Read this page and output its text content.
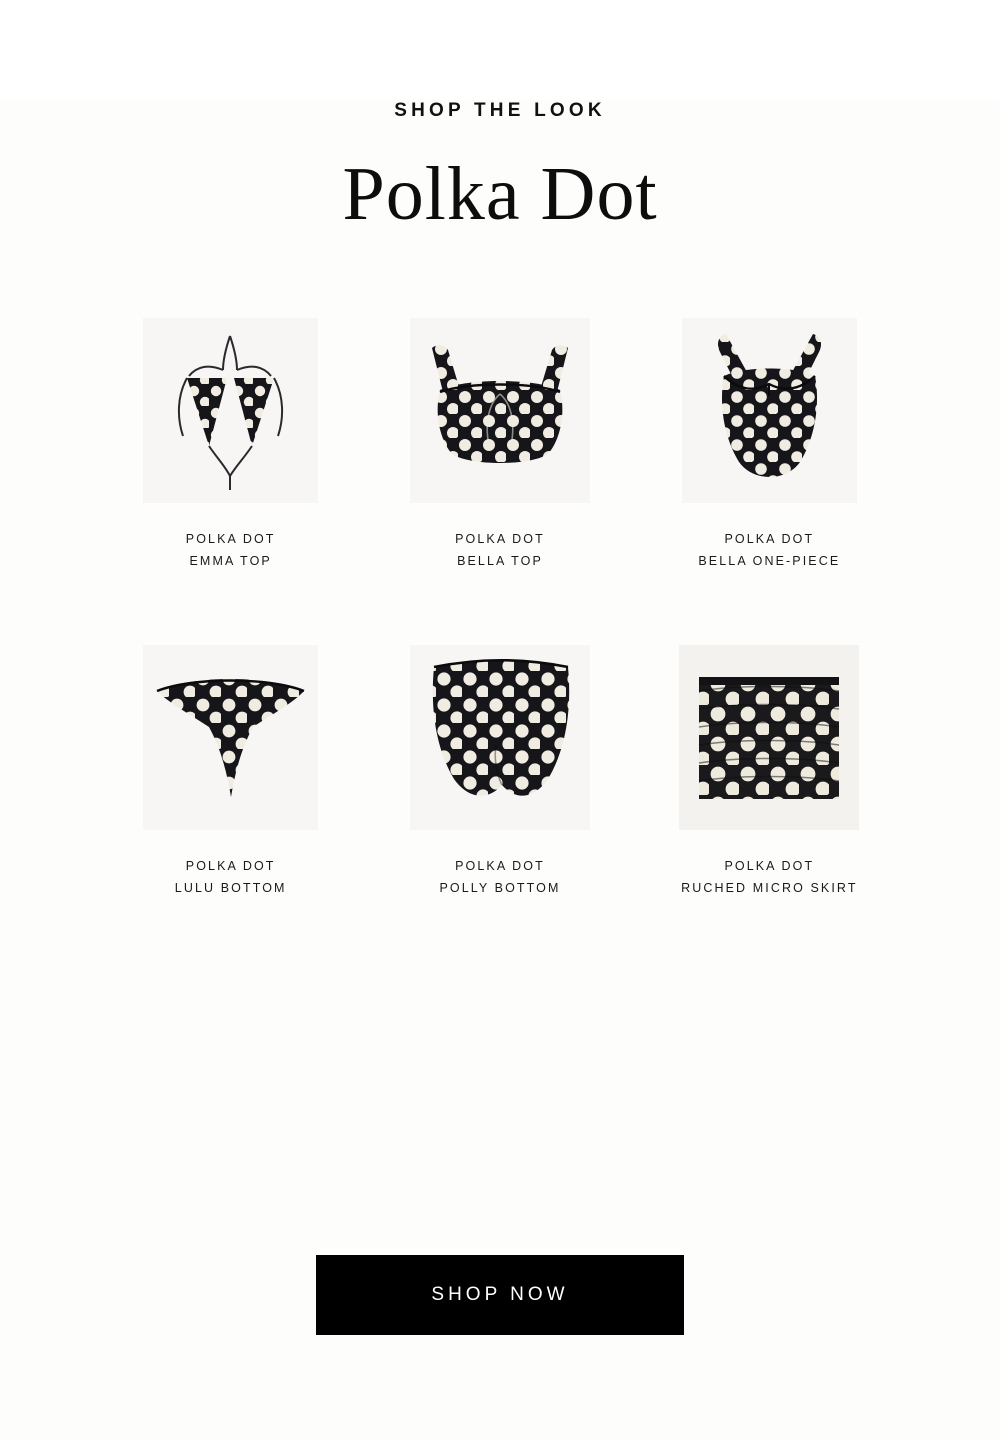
SHOP THE LOOK
Polka Dot
POLKA DOT
EMMA TOP
POLKA DOT
BELLA TOP
POLKA DOT
BELLA ONE-PIECE
POLKA DOT
LULU BOTTOM
POLKA DOT
POLLY BOTTOM
POLKA DOT
RUCHED MICRO SKIRT
SHOP NOW
